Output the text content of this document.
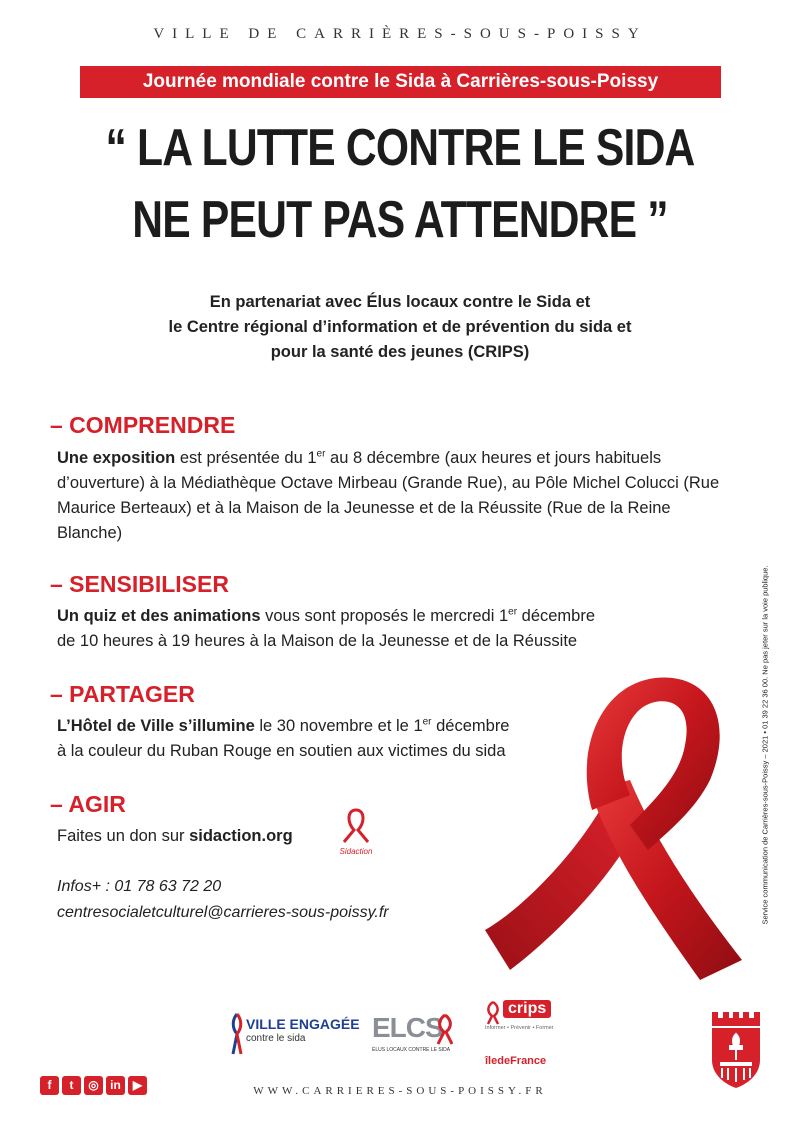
VILLE DE CARRIÈRES-SOUS-POISSY
Journée mondiale contre le Sida à Carrières-sous-Poissy
“ LA LUTTE CONTRE LE SIDA
NE PEUT PAS ATTENDRE ”
En partenariat avec Élus locaux contre le Sida et
le Centre régional d’information et de prévention du sida et
pour la santé des jeunes (CRIPS)
– COMPRENDRE
Une exposition est présentée du 1er au 8 décembre (aux heures et jours habituels d’ouverture) à la Médiathèque Octave Mirbeau (Grande Rue), au Pôle Michel Colucci (Rue Maurice Berteaux) et à la Maison de la Jeunesse et de la Réussite (Rue de la Reine Blanche)
– SENSIBILISER
Un quiz et des animations vous sont proposés le mercredi 1er décembre
de 10 heures à 19 heures à la Maison de la Jeunesse et de la Réussite
– PARTAGER
L’Hôtel de Ville s’illumine le 30 novembre et le 1er décembre
à la couleur du Ruban Rouge en soutien aux victimes du sida
– AGIR
Faites un don sur sidaction.org
Sidaction
Infos+ : 01 78 63 72 20
centresocialetculturel@carrieres-sous-poissy.fr	Service communication de Carrières-sous-Poissy – 2021 • 01 39 22 36 00. Ne pas jeter sur la voie publique.
VILLE ENGAGÉE
contre le sida ELCS
ÉLUS LOCAUX CONTRE LE SIDA
crips
Informer • Prévenir • Former
îledeFrance
f	t	◎ in	▶	WWW.CARRIERES-SOUS-POISSY.FR
